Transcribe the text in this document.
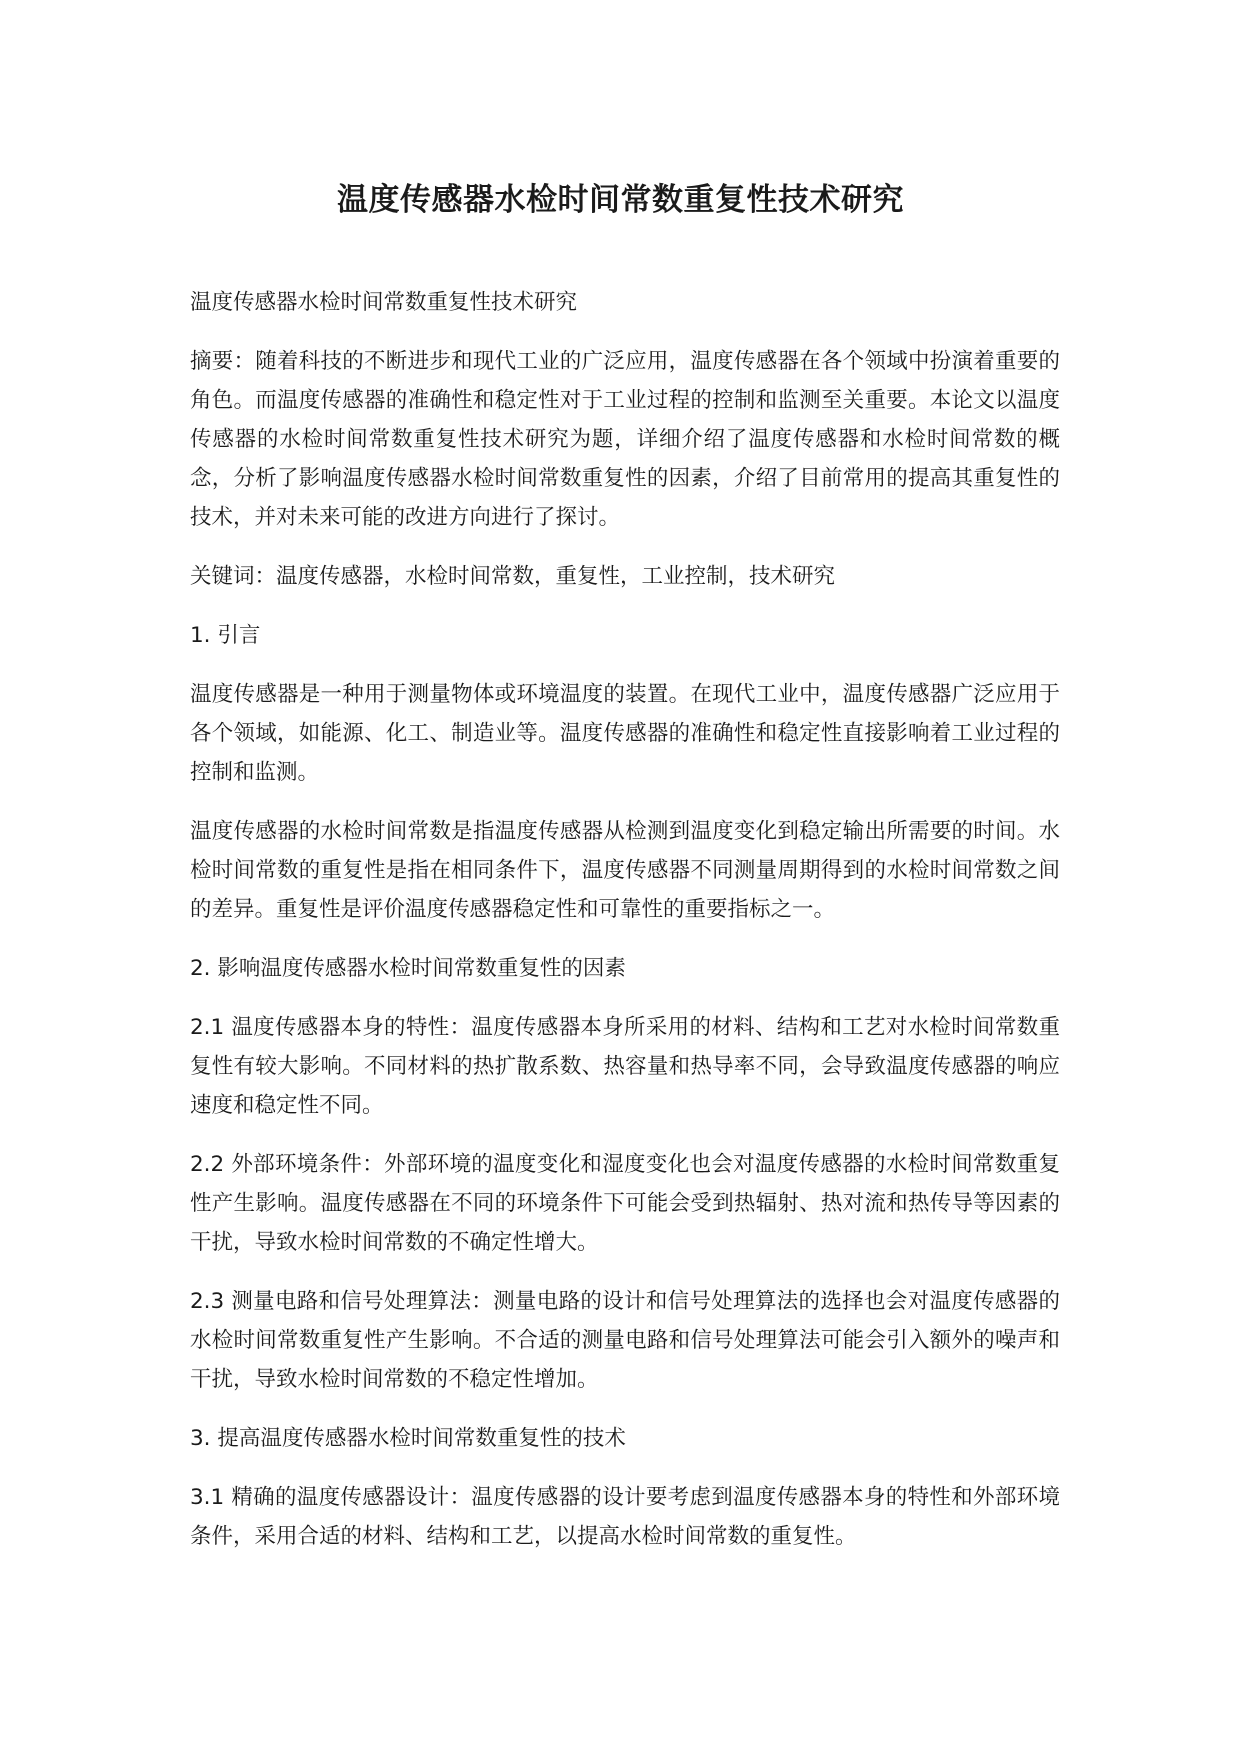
温度传感器水检时间常数重复性技术研究

温度传感器水检时间常数重复性技术研究

摘要：随着科技的不断进步和现代工业的广泛应用，温度传感器在各个领域中扮演着重要的角色。而温度传感器的准确性和稳定性对于工业过程的控制和监测至关重要。本论文以温度传感器的水检时间常数重复性技术研究为题，详细介绍了温度传感器和水检时间常数的概念，分析了影响温度传感器水检时间常数重复性的因素，介绍了目前常用的提高其重复性的技术，并对未来可能的改进方向进行了探讨。

关键词：温度传感器，水检时间常数，重复性，工业控制，技术研究

1. 引言

温度传感器是一种用于测量物体或环境温度的装置。在现代工业中，温度传感器广泛应用于各个领域，如能源、化工、制造业等。温度传感器的准确性和稳定性直接影响着工业过程的控制和监测。

温度传感器的水检时间常数是指温度传感器从检测到温度变化到稳定输出所需要的时间。水检时间常数的重复性是指在相同条件下，温度传感器不同测量周期得到的水检时间常数之间的差异。重复性是评价温度传感器稳定性和可靠性的重要指标之一。

2. 影响温度传感器水检时间常数重复性的因素

2.1 温度传感器本身的特性：温度传感器本身所采用的材料、结构和工艺对水检时间常数重复性有较大影响。不同材料的热扩散系数、热容量和热导率不同，会导致温度传感器的响应速度和稳定性不同。

2.2 外部环境条件：外部环境的温度变化和湿度变化也会对温度传感器的水检时间常数重复性产生影响。温度传感器在不同的环境条件下可能会受到热辐射、热对流和热传导等因素的干扰，导致水检时间常数的不确定性增大。

2.3 测量电路和信号处理算法：测量电路的设计和信号处理算法的选择也会对温度传感器的水检时间常数重复性产生影响。不合适的测量电路和信号处理算法可能会引入额外的噪声和干扰，导致水检时间常数的不稳定性增加。

3. 提高温度传感器水检时间常数重复性的技术

3.1 精确的温度传感器设计：温度传感器的设计要考虑到温度传感器本身的特性和外部环境条件，采用合适的材料、结构和工艺，以提高水检时间常数的重复性。
